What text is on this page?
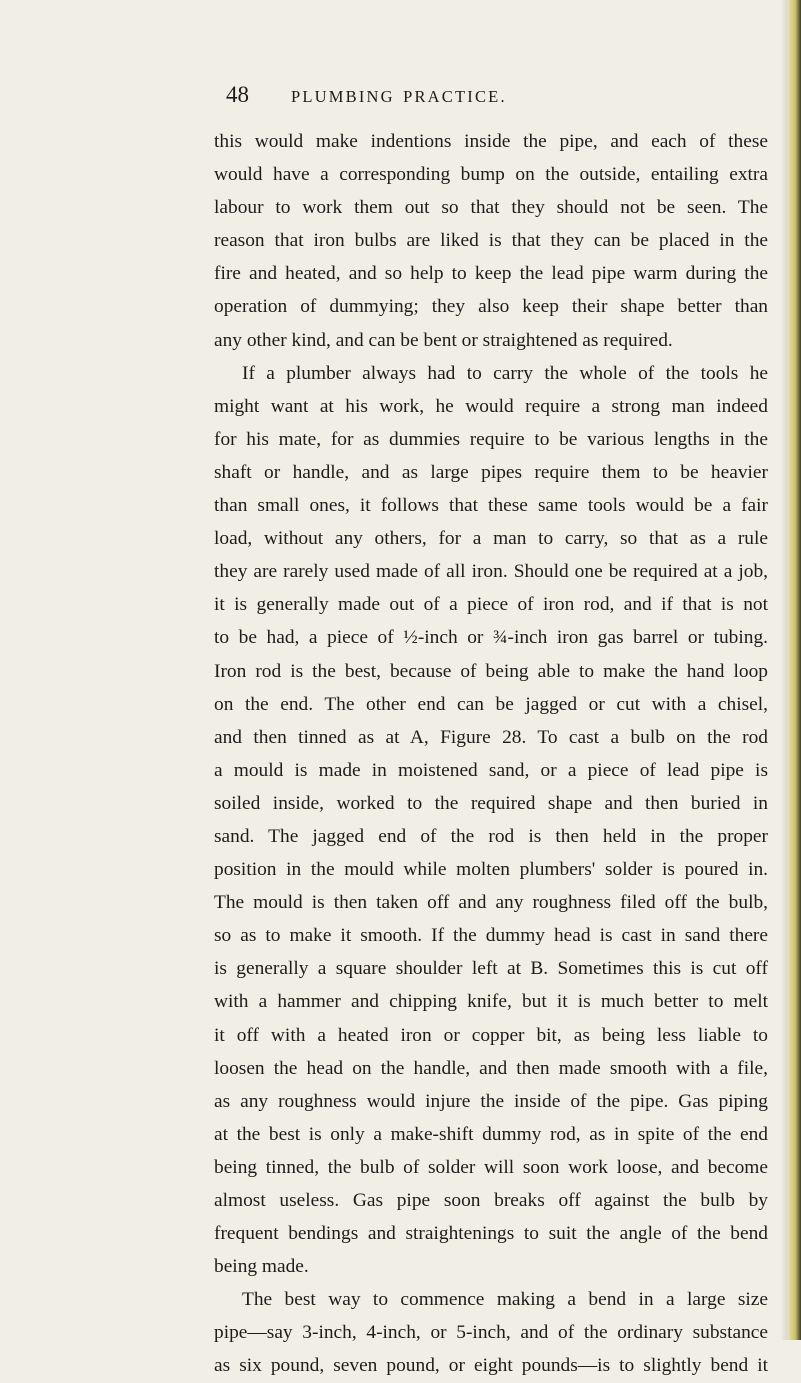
48	PLUMBING PRACTICE.
this would make indentions inside the pipe, and each of these
would have a corresponding bump on the outside, entailing extra
labour to work them out so that they should not be seen. The
reason that iron bulbs are liked is that they can be placed in the
fire and heated, and so help to keep the lead pipe warm during the
operation of dummying; they also keep their shape better than
any other kind, and can be bent or straightened as required.
If a plumber always had to carry the whole of the tools he
might want at his work, he would require a strong man indeed
for his mate, for as dummies require to be various lengths in the
shaft or handle, and as large pipes require them to be heavier
than small ones, it follows that these same tools would be a fair
load, without any others, for a man to carry, so that as a rule
they are rarely used made of all iron. Should one be required at a job,
it is generally made out of a piece of iron rod, and if that is not
to be had, a piece of ½-inch or ¾-inch iron gas barrel or tubing.
Iron rod is the best, because of being able to make the hand loop
on the end. The other end can be jagged or cut with a chisel,
and then tinned as at A, Figure 28. To cast a bulb on the rod
a mould is made in moistened sand, or a piece of lead pipe is
soiled inside, worked to the required shape and then buried in
sand. The jagged end of the rod is then held in the proper
position in the mould while molten plumbers' solder is poured in.
The mould is then taken off and any roughness filed off the bulb,
so as to make it smooth. If the dummy head is cast in sand there
is generally a square shoulder left at B. Sometimes this is cut off
with a hammer and chipping knife, but it is much better to melt
it off with a heated iron or copper bit, as being less liable to
loosen the head on the handle, and then made smooth with a file,
as any roughness would injure the inside of the pipe. Gas piping
at the best is only a make-shift dummy rod, as in spite of the end
being tinned, the bulb of solder will soon work loose, and become
almost useless. Gas pipe soon breaks off against the bulb by
frequent bendings and straightenings to suit the angle of the bend
being made.
The best way to commence making a bend in a large size
pipe—say 3-inch, 4-inch, or 5-inch, and of the ordinary substance
as six pound, seven pound, or eight pounds—is to slightly bend it
